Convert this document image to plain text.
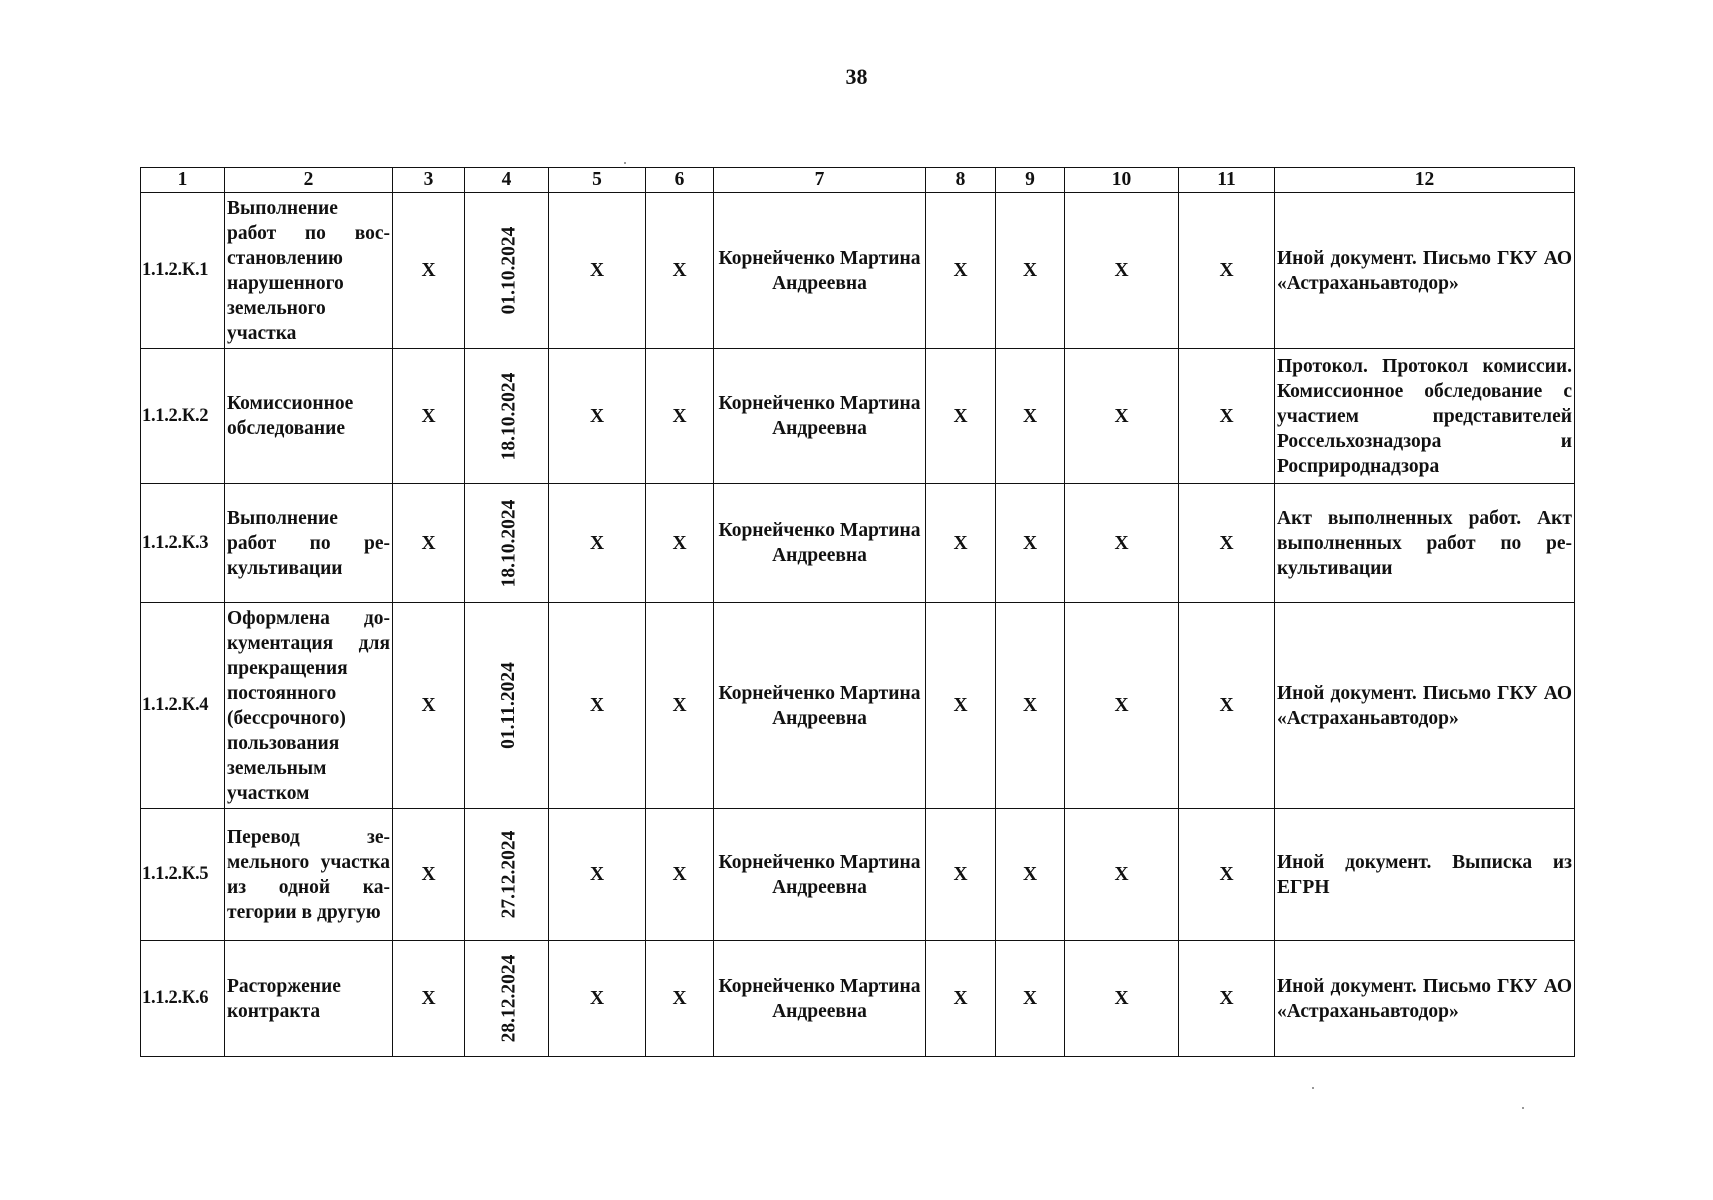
38
1	2	3	4	5	6	7	8	9	10	11	12
1.1.2.К.1	Выполнение работ по восстановлению нарушенного земельного участка	Х	01.10.2024	Х	Х	Корнейченко Мартина Андреевна	Х	Х	Х	Х	Иной документ. Письмо ГКУ АО «Астраханьавтодор»
1.1.2.К.2	Комиссионное обследование	Х	18.10.2024	Х	Х	Корнейченко Мартина Андреевна	Х	Х	Х	Х	Протокол. Протокол комиссии. Комиссионное обследование с участием представителей Россельхознадзора и Росприроднадзора
1.1.2.К.3	Выполнение работ по рекультивации	Х	18.10.2024	Х	Х	Корнейченко Мартина Андреевна	Х	Х	Х	Х	Акт выполненных работ. Акт выполненных работ по рекультивации
1.1.2.К.4	Оформлена документация для прекращения постоянного (бессрочного) пользования земельным участком	Х	01.11.2024	Х	Х	Корнейченко Мартина Андреевна	Х	Х	Х	Х	Иной документ. Письмо ГКУ АО «Астраханьавтодор»
1.1.2.К.5	Перевод земельного участка из одной категории в другую	Х	27.12.2024	Х	Х	Корнейченко Мартина Андреевна	Х	Х	Х	Х	Иной документ. Выписка из ЕГРН
1.1.2.К.6	Расторжение контракта	Х	28.12.2024	Х	Х	Корнейченко Мартина Андреевна	Х	Х	Х	Х	Иной документ. Письмо ГКУ АО «Астраханьавтодор»
